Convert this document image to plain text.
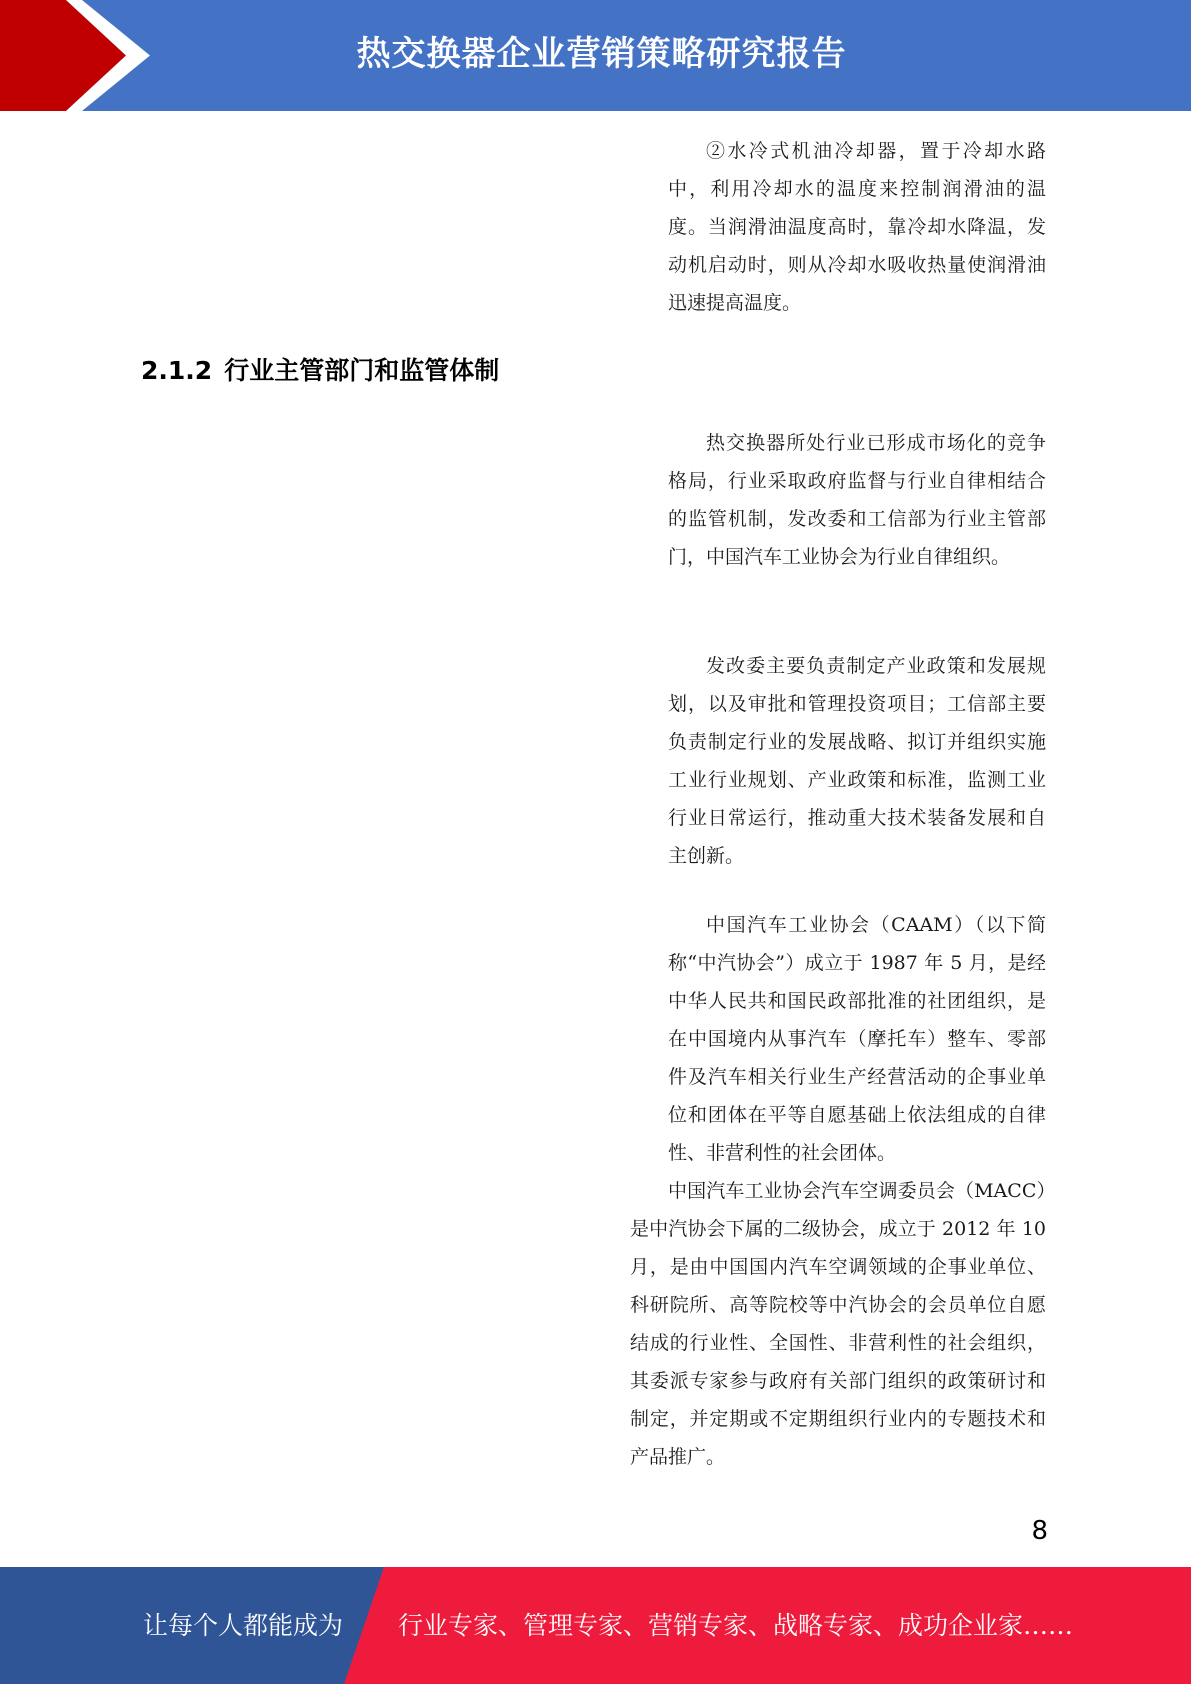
热交换器企业营销策略研究报告
2.1.2 行业主管部门和监管体制

②水冷式机油冷却器，置于冷却水路中，利用冷却水的温度来控制润滑油的温度。当润滑油温度高时，靠冷却水降温，发动机启动时，则从冷却水吸收热量使润滑油迅速提高温度。

热交换器所处行业已形成市场化的竞争格局，行业采取政府监督与行业自律相结合的监管机制，发改委和工信部为行业主管部门，中国汽车工业协会为行业自律组织。

发改委主要负责制定产业政策和发展规划，以及审批和管理投资项目；工信部主要负责制定行业的发展战略、拟订并组织实施工业行业规划、产业政策和标准，监测工业行业日常运行，推动重大技术装备发展和自主创新。

中国汽车工业协会（CAAM）（以下简称“中汽协会”）成立于 1987 年 5 月，是经中华人民共和国民政部批准的社团组织，是在中国境内从事汽车（摩托车）整车、零部件及汽车相关行业生产经营活动的企事业单位和团体在平等自愿基础上依法组成的自律性、非营利性的社会团体。

中国汽车工业协会汽车空调委员会（MACC）是中汽协会下属的二级协会，成立于 2012 年 10 月，是由中国国内汽车空调领域的企事业单位、科研院所、高等院校等中汽协会的会员单位自愿结成的行业性、全国性、非营利性的社会组织，其委派专家参与政府有关部门组织的政策研讨和制定，并定期或不定期组织行业内的专题技术和产品推广。
8
让每个人都能成为 行业专家、管理专家、营销专家、战略专家、成功企业家……
